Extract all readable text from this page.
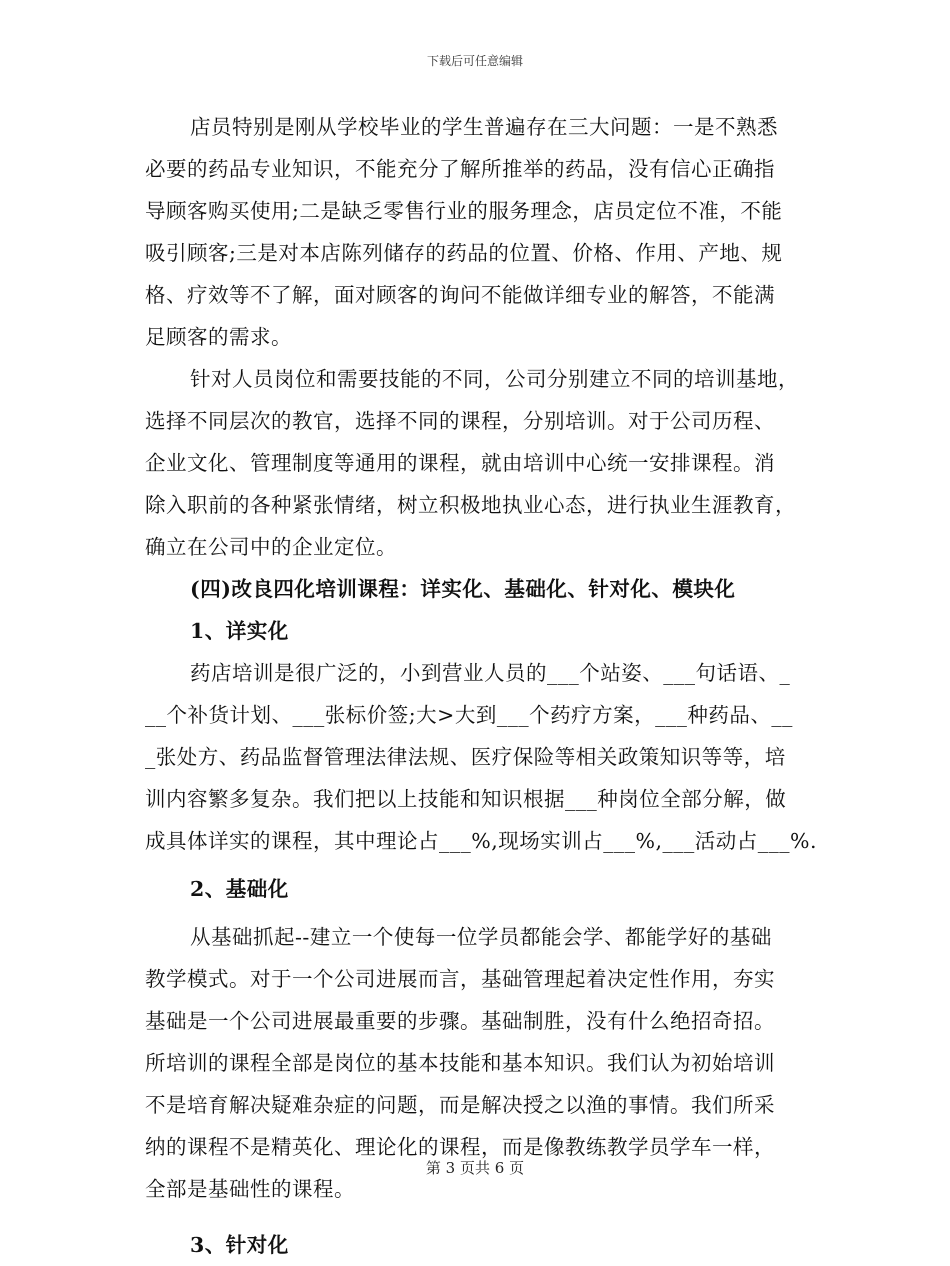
下载后可任意编辑
店员特别是刚从学校毕业的学生普遍存在三大问题：一是不熟悉
必要的药品专业知识，不能充分了解所推举的药品，没有信心正确指
导顾客购买使用;二是缺乏零售行业的服务理念，店员定位不准，不能
吸引顾客;三是对本店陈列储存的药品的位置、价格、作用、产地、规
格、疗效等不了解，面对顾客的询问不能做详细专业的解答，不能满
足顾客的需求。
针对人员岗位和需要技能的不同，公司分别建立不同的培训基地，
选择不同层次的教官，选择不同的课程，分别培训。对于公司历程、
企业文化、管理制度等通用的课程，就由培训中心统一安排课程。消
除入职前的各种紧张情绪，树立积极地执业心态，进行执业生涯教育，
确立在公司中的企业定位。
(四)改良四化培训课程：详实化、基础化、针对化、模块化
1、详实化
药店培训是很广泛的，小到营业人员的___个站姿、___句话语、_
__个补货计划、___张标价签;大>大到___个药疗方案，___种药品、__
_张处方、药品监督管理法律法规、医疗保险等相关政策知识等等，培
训内容繁多复杂。我们把以上技能和知识根据___种岗位全部分解，做
成具体详实的课程，其中理论占___%,现场实训占___%,___活动占___%.
2、基础化
从基础抓起--建立一个使每一位学员都能会学、都能学好的基础
教学模式。对于一个公司进展而言，基础管理起着决定性作用，夯实
基础是一个公司进展最重要的步骤。基础制胜，没有什么绝招奇招。
所培训的课程全部是岗位的基本技能和基本知识。我们认为初始培训
不是培育解决疑难杂症的问题，而是解决授之以渔的事情。我们所采
纳的课程不是精英化、理论化的课程，而是像教练教学员学车一样，
全部是基础性的课程。
3、针对化
第 3 页共 6 页
